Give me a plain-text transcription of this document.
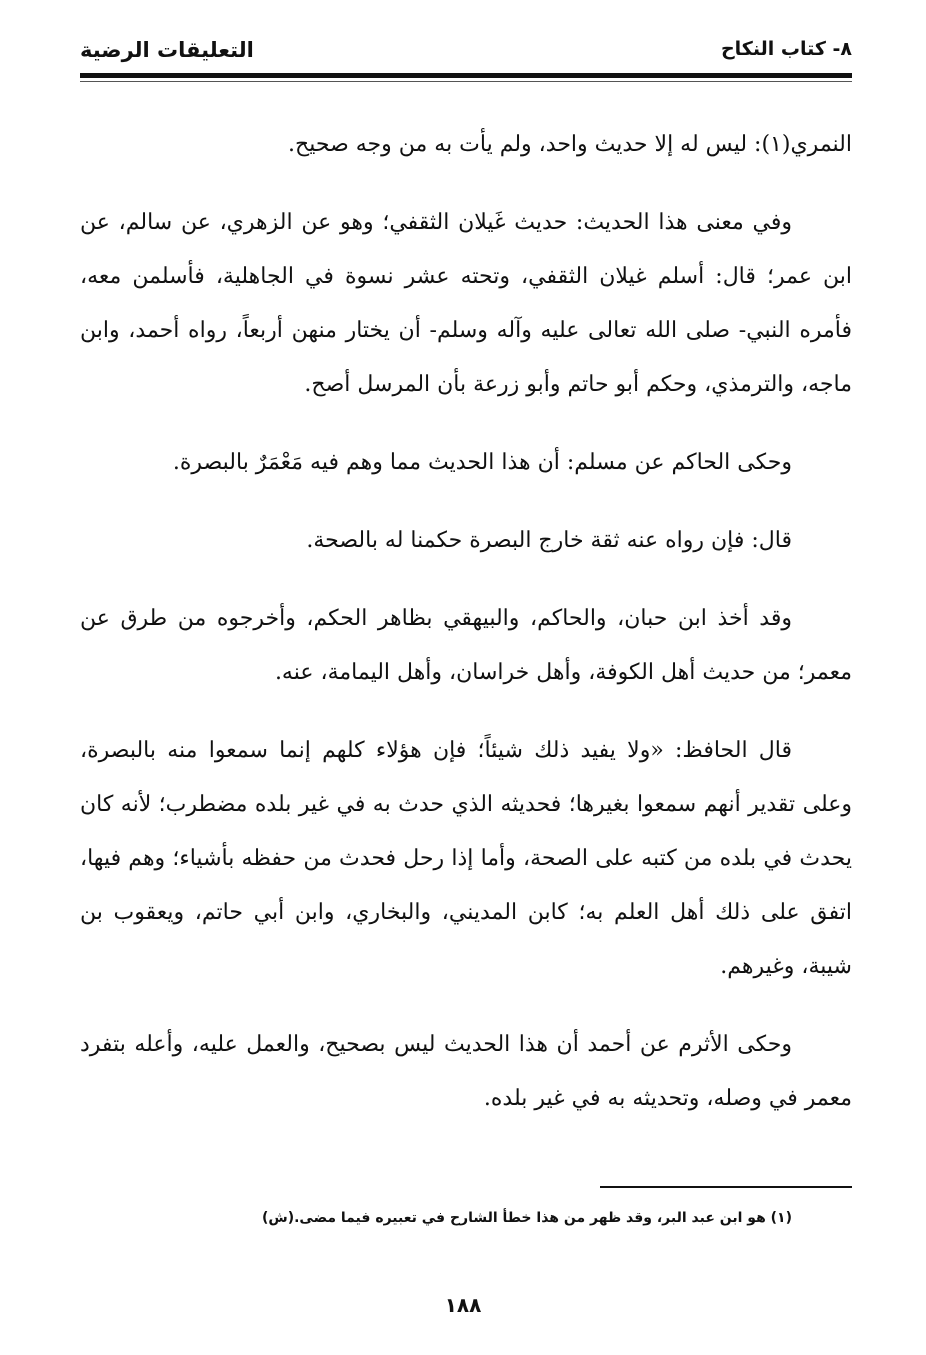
٨- كتاب النكاح
التعليقات الرضية

النمري(١): ليس له إلا حديث واحد، ولم يأت به من وجه صحيح.

وفي معنى هذا الحديث: حديث غَيلان الثقفي؛ وهو عن الزهري، عن سالم، عن ابن عمر؛ قال: أسلم غيلان الثقفي، وتحته عشر نسوة في الجاهلية، فأسلمن معه، فأمره النبي- صلى الله تعالى عليه وآله وسلم- أن يختار منهن أربعاً، رواه أحمد، وابن ماجه، والترمذي، وحكم أبو حاتم وأبو زرعة بأن المرسل أصح.

وحكى الحاكم عن مسلم: أن هذا الحديث مما وهم فيه مَعْمَرٌ بالبصرة.

قال: فإن رواه عنه ثقة خارج البصرة حكمنا له بالصحة.

وقد أخذ ابن حبان، والحاكم، والبيهقي بظاهر الحكم، وأخرجوه من طرق عن معمر؛ من حديث أهل الكوفة، وأهل خراسان، وأهل اليمامة، عنه.

قال الحافظ: «ولا يفيد ذلك شيئاً؛ فإن هؤلاء كلهم إنما سمعوا منه بالبصرة، وعلى تقدير أنهم سمعوا بغيرها؛ فحديثه الذي حدث به في غير بلده مضطرب؛ لأنه كان يحدث في بلده من كتبه على الصحة، وأما إذا رحل فحدث من حفظه بأشياء؛ وهم فيها، اتفق على ذلك أهل العلم به؛ كابن المديني، والبخاري، وابن أبي حاتم، ويعقوب بن شيبة، وغيرهم.

وحكى الأثرم عن أحمد أن هذا الحديث ليس بصحيح، والعمل عليه، وأعله بتفرد معمر في وصله، وتحديثه به في غير بلده.

(١) هو ابن عبد البر، وقد ظهر من هذا خطأ الشارح في تعبيره فيما مضى.(ش)
١٨٨
